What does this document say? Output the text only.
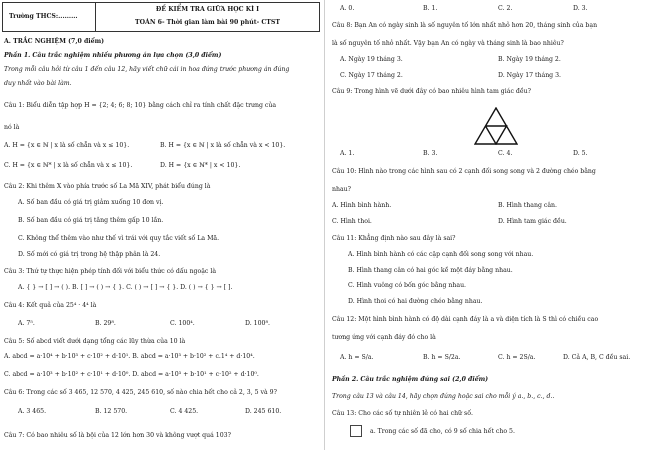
Trường THCS:.........
ĐỀ KIỂM TRA GIỮA HỌC KÌ I
TOÁN 6- Thời gian làm bài 90 phút- CTST
A. TRẮC NGHIỆM (7,0 điểm)
Phần 1. Câu trắc nghiệm nhiều phương án lựa chọn (3,0 điểm)
Trong mỗi câu hỏi từ câu 1 đến câu 12, hãy viết chữ cái in hoa đứng trước phương án đúng
duy nhất vào bài làm.
Câu 1: Biểu diễn tập hợp H = {2; 4; 6; 8; 10} bằng cách chỉ ra tính chất đặc trưng của
nó là
A. H = {x ∈ ℕ | x là số chẵn và x ≤ 10}.	B. H = {x ∈ ℕ | x là số chẵn và x < 10}.
C. H = {x ∈ ℕ* | x là số chẵn và x ≤ 10}.	D. H = {x ∈ ℕ* | x < 10}.
Câu 2: Khi thêm X vào phía trước số La Mã XIV, phát biểu đúng là
A. Số ban đầu có giá trị giảm xuống 10 đơn vị.
B. Số ban đầu có giá trị tăng thêm gấp 10 lần.
C. Không thể thêm vào như thế vì trái với quy tắc viết số La Mã.
D. Số mới có giá trị trong hệ thập phân là 24.
Câu 3: Thứ tự thực hiện phép tính đối với biểu thức có dấu ngoặc là
A. { } → [ ] → ( ). B. [ ] → ( ) → { }. C. ( ) → [ ] → { }. D. ( ) → { } → [ ].
Câu 4: Kết quả của 25⁴ · 4⁴ là
A. 7⁵.	B. 29⁸.	C. 100⁴.	D. 100⁸.
Câu 5: Số abcd viết dưới dạng tổng các lũy thừa của 10 là
A. abcd = a·10⁴ + b·10³ + c·10² + d·10¹. B. abcd = a·10³ + b·10² + c.1⁴ + d·10⁴.
C. abcd = a·10³ + b·10² + c·10¹ + d·10⁰. D. abcd = a·10³ + b·10¹ + c·10² + d·10⁰.
Câu 6: Trong các số 3 465, 12 570, 4 425, 245 610, số nào chia hết cho cả 2, 3, 5 và 9?
A. 3 465.	B. 12 570.	C. 4 425.	D. 245 610.
Câu 7: Có bao nhiêu số là bội của 12 lớn hơn 30 và không vượt quá 103?
A. 0.	B. 1.	C. 2.	D. 3.
Câu 8: Bạn An có ngày sinh là số nguyên tố lớn nhất nhỏ hơn 20, tháng sinh của bạn
là số nguyên tố nhỏ nhất. Vậy bạn An có ngày và tháng sinh là bao nhiêu?
A. Ngày 19 tháng 3.	B. Ngày 19 tháng 2.
C. Ngày 17 tháng 2.	D. Ngày 17 tháng 3.
Câu 9: Trong hình vẽ dưới đây có bao nhiêu hình tam giác đều?
A. 1.	B. 3.	C. 4.	D. 5.
Câu 10: Hình nào trong các hình sau có 2 cạnh đối song song và 2 đường chéo bằng
nhau?
A. Hình bình hành.	B. Hình thang cân.
C. Hình thoi.	D. Hình tam giác đều.
Câu 11: Khẳng định nào sau đây là sai?
A. Hình bình hành có các cặp cạnh đối song song với nhau.
B. Hình thang cân có hai góc kề một đáy bằng nhau.
C. Hình vuông có bốn góc bằng nhau.
D. Hình thoi có hai đường chéo bằng nhau.
Câu 12: Một hình bình hành có độ dài cạnh đáy là a và diện tích là S thì có chiều cao
tương ứng với cạnh đáy đó cho là
A. h = S/a.	B. h = S/2a.	C. h = 2S/a.	D. Cả A, B, C đều sai.
Phần 2. Câu trắc nghiệm đúng sai (2,0 điểm)
Trong câu 13 và câu 14, hãy chọn đúng hoặc sai cho mỗi ý a., b., c., d..
Câu 13: Cho các số tự nhiên lẻ có hai chữ số.
a. Trong các số đã cho, có 9 số chia hết cho 5.
